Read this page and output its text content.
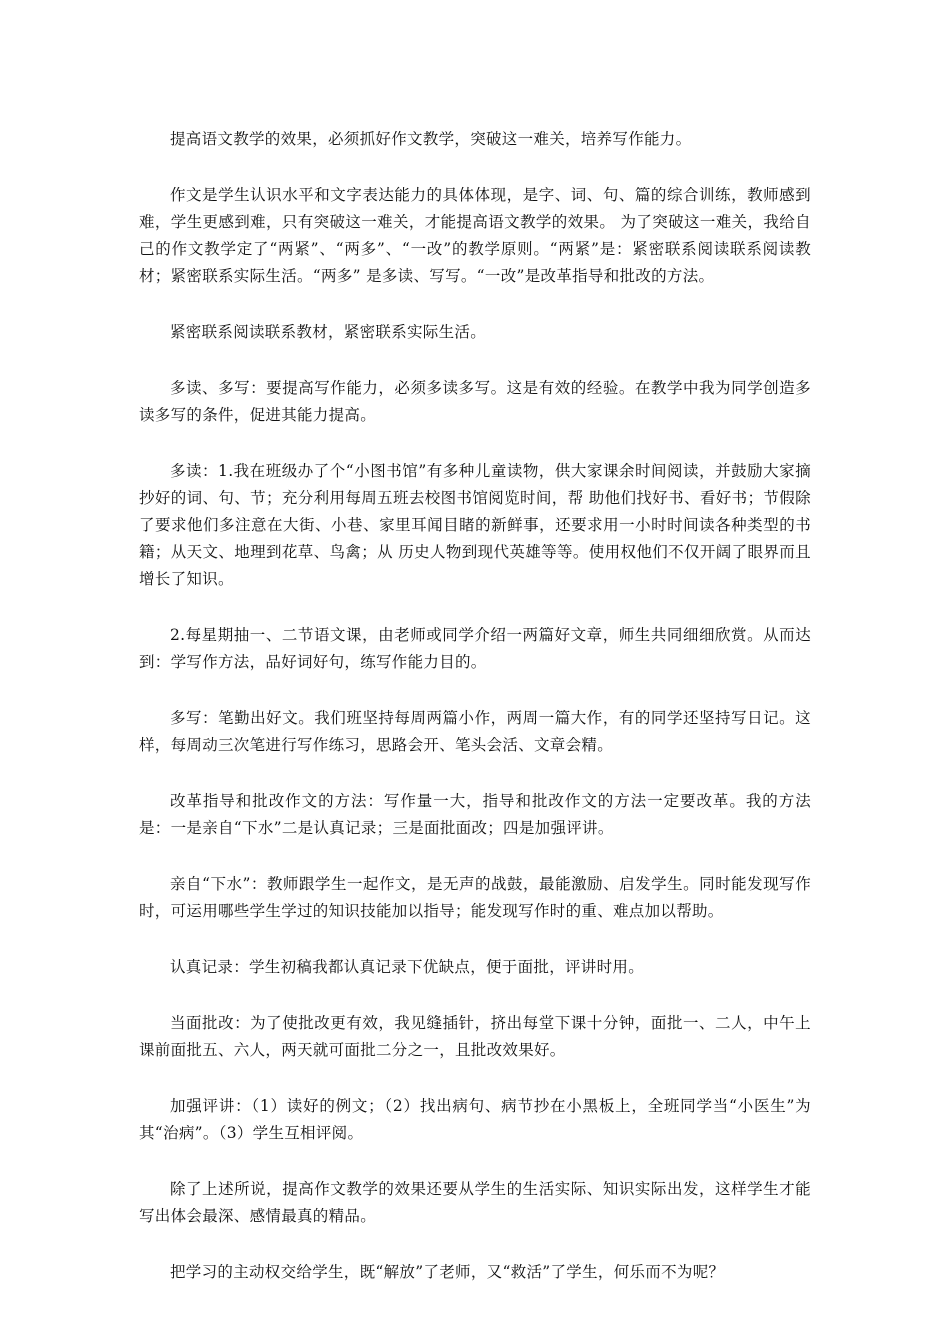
提高语文教学的效果，必须抓好作文教学，突破这一难关，培养写作能力。

作文是学生认识水平和文字表达能力的具体体现，是字、词、句、篇的综合训练，教师感到难，学生更感到难，只有突破这一难关，才能提高语文教学的效果。 为了突破这一难关，我给自己的作文教学定了“两紧”、“两多”、“一改”的教学原则。“两紧”是：紧密联系阅读联系阅读教材；紧密联系实际生活。“两多” 是多读、写写。“一改”是改革指导和批改的方法。

紧密联系阅读联系教材，紧密联系实际生活。

多读、多写：要提高写作能力，必须多读多写。这是有效的经验。在教学中我为同学创造多读多写的条件，促进其能力提高。

多读：1.我在班级办了个“小图书馆”有多种儿童读物，供大家课余时间阅读，并鼓励大家摘抄好的词、句、节；充分利用每周五班去校图书馆阅览时间，帮 助他们找好书、看好书；节假除了要求他们多注意在大街、小巷、家里耳闻目睹的新鲜事，还要求用一小时时间读各种类型的书籍；从天文、地理到花草、鸟禽；从 历史人物到现代英雄等等。使用权他们不仅开阔了眼界而且增长了知识。

2.每星期抽一、二节语文课，由老师或同学介绍一两篇好文章，师生共同细细欣赏。从而达到：学写作方法，品好词好句，练写作能力目的。

多写：笔勤出好文。我们班坚持每周两篇小作，两周一篇大作，有的同学还坚持写日记。这样，每周动三次笔进行写作练习，思路会开、笔头会活、文章会精。

改革指导和批改作文的方法：写作量一大，指导和批改作文的方法一定要改革。我的方法是：一是亲自“下水”二是认真记录；三是面批面改；四是加强评讲。

亲自“下水”：教师跟学生一起作文，是无声的战鼓，最能激励、启发学生。同时能发现写作时，可运用哪些学生学过的知识技能加以指导；能发现写作时的重、难点加以帮助。

认真记录：学生初稿我都认真记录下优缺点，便于面批，评讲时用。

当面批改：为了使批改更有效，我见缝插针，挤出每堂下课十分钟，面批一、二人，中午上课前面批五、六人，两天就可面批二分之一，且批改效果好。

加强评讲：（1）读好的例文；（2）找出病句、病节抄在小黑板上，全班同学当“小医生”为其“治病”。（3）学生互相评阅。

除了上述所说，提高作文教学的效果还要从学生的生活实际、知识实际出发，这样学生才能写出体会最深、感情最真的精品。

把学习的主动权交给学生，既“解放”了老师，又“救活”了学生，何乐而不为呢？
